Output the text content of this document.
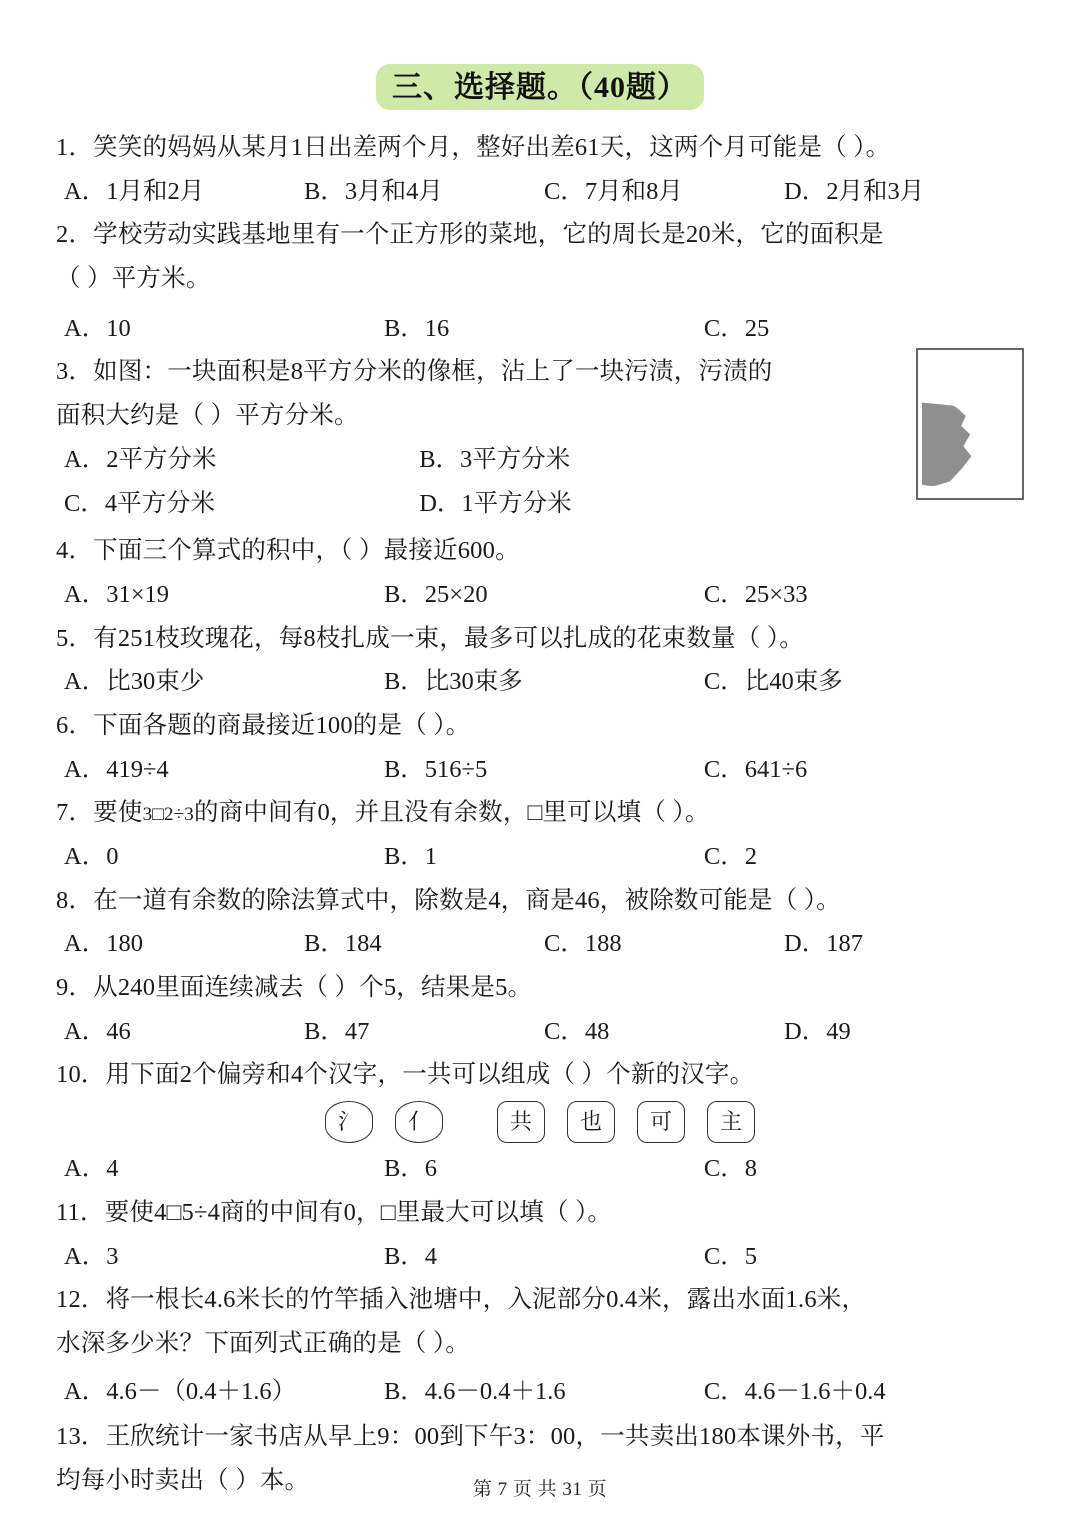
三、选择题。（40题）
1．笑笑的妈妈从某月1日出差两个月，整好出差61天，这两个月可能是（ ）。
A．1月和2月	B．3月和4月	C．7月和8月	D．2月和3月
2．学校劳动实践基地里有一个正方形的菜地，它的周长是20米，它的面积是
（ ）平方米。
A．10	B．16	C．25
3．如图：一块面积是8平方分米的像框，沾上了一块污渍，污渍的
面积大约是（ ）平方分米。
A．2平方分米	B．3平方分米
C．4平方分米	D．1平方分米
4．下面三个算式的积中，（ ）最接近600。
A．31×19	B．25×20	C．25×33
5．有251枝玫瑰花，每8枝扎成一束，最多可以扎成的花束数量（ ）。
A．比30束少	B．比30束多	C．比40束多
6．下面各题的商最接近100的是（ ）。
A．419÷4	B．516÷5	C．641÷6
7．要使3□2÷3的商中间有0，并且没有余数，□里可以填（ ）。
A．0	B．1	C．2
8．在一道有余数的除法算式中，除数是4，商是46，被除数可能是（ ）。
A．180	B．184	C．188	D．187
9．从240里面连续减去（ ）个5，结果是5。
A．46	B．47	C．48	D．49
10．用下面2个偏旁和4个汉字，一共可以组成（ ）个新的汉字。
氵	亻	共	也	可	主
A．4	B．6	C．8
11．要使4□5÷4商的中间有0，□里最大可以填（ ）。
A．3	B．4	C．5
12．将一根长4.6米长的竹竿插入池塘中，入泥部分0.4米，露出水面1.6米，
水深多少米？下面列式正确的是（ ）。
A．4.6－（0.4＋1.6）	B．4.6－0.4＋1.6	C．4.6－1.6＋0.4
13．王欣统计一家书店从早上9：00到下午3：00，一共卖出180本课外书，平
均每小时卖出（ ）本。	第 7 页 共 31 页
